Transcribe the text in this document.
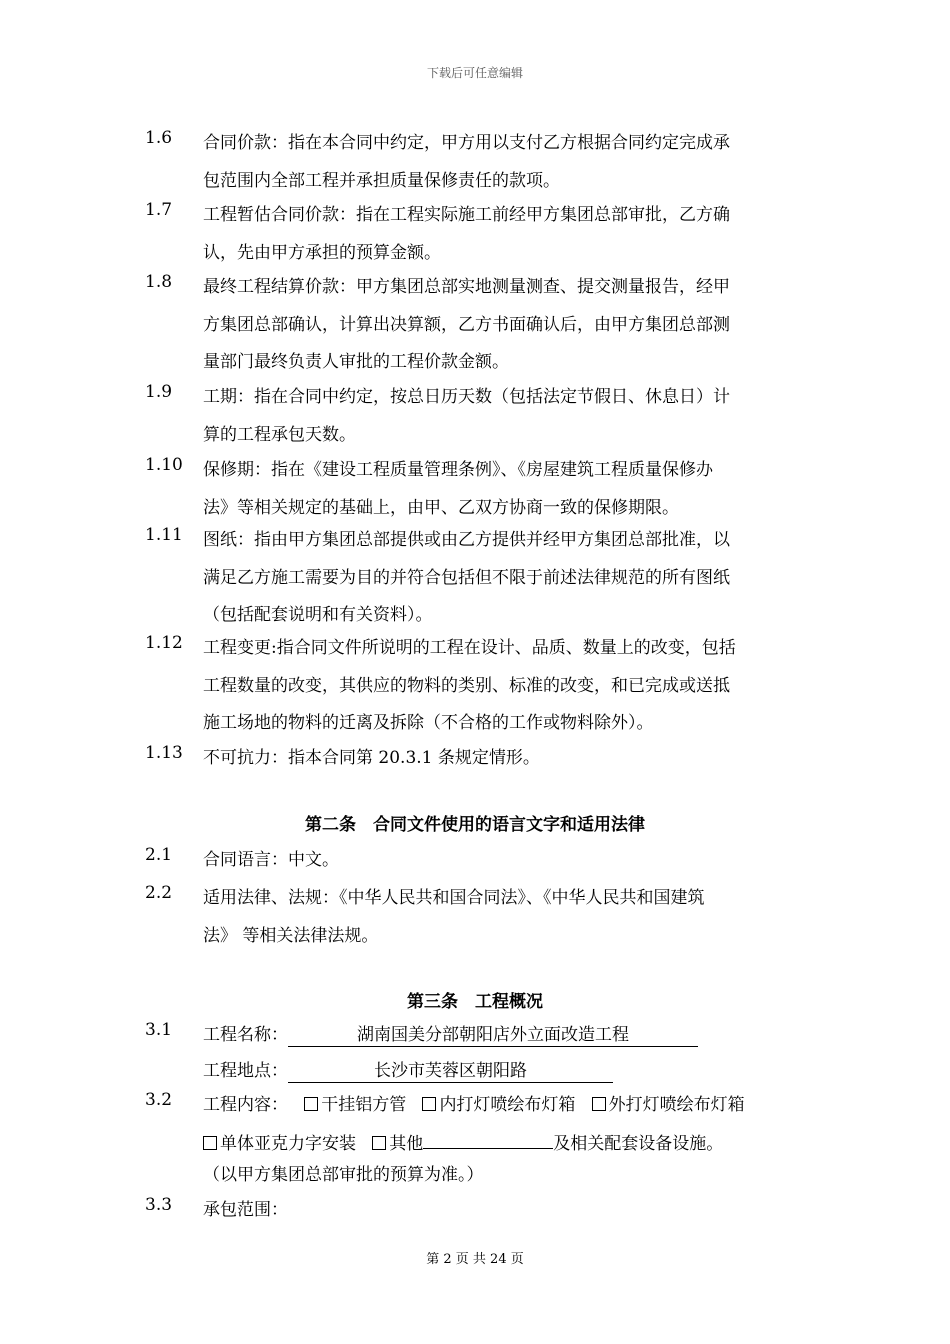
下载后可任意编辑
第二条　合同文件使用的语言文字和适用法律
第三条　工程概况
3.1	工程名称：	湖南国美分部朝阳店外立面改造工程
工程地点：	长沙市芙蓉区朝阳路
3.2	工程内容： 干挂铝方管 内打灯喷绘布灯箱 外打灯喷绘布灯箱
单体亚克力字安装 其他	及相关配套设备设施。
（以甲方集团总部审批的预算为准。）
3.3	承包范围：
1.6	合同价款：指在本合同中约定，甲方用以支付乙方根据合同约定完成承
包范围内全部工程并承担质量保修责任的款项。
1.7	工程暂估合同价款：指在工程实际施工前经甲方集团总部审批，乙方确
认，先由甲方承担的预算金额。
1.8	最终工程结算价款：甲方集团总部实地测量测查、提交测量报告，经甲
方集团总部确认，计算出决算额，乙方书面确认后，由甲方集团总部测
量部门最终负责人审批的工程价款金额。
1.9	工期：指在合同中约定，按总日历天数（包括法定节假日、休息日）计
算的工程承包天数。
1.10	保修期：指在《建设工程质量管理条例》、《房屋建筑工程质量保修办
法》等相关规定的基础上，由甲、乙双方协商一致的保修期限。
1.11	图纸：指由甲方集团总部提供或由乙方提供并经甲方集团总部批准，以
满足乙方施工需要为目的并符合包括但不限于前述法律规范的所有图纸
（包括配套说明和有关资料）。
1.12	工程变更:指合同文件所说明的工程在设计、品质、数量上的改变，包括
工程数量的改变，其供应的物料的类别、标准的改变，和已完成或送抵
施工场地的物料的迁离及拆除（不合格的工作或物料除外）。
1.13	不可抗力：指本合同第 20.3.1 条规定情形。
2.1	合同语言：中文。
2.2	适用法律、法规：《中华人民共和国合同法》、《中华人民共和国建筑
法》 等相关法律法规。
第 2 页 共 24 页
